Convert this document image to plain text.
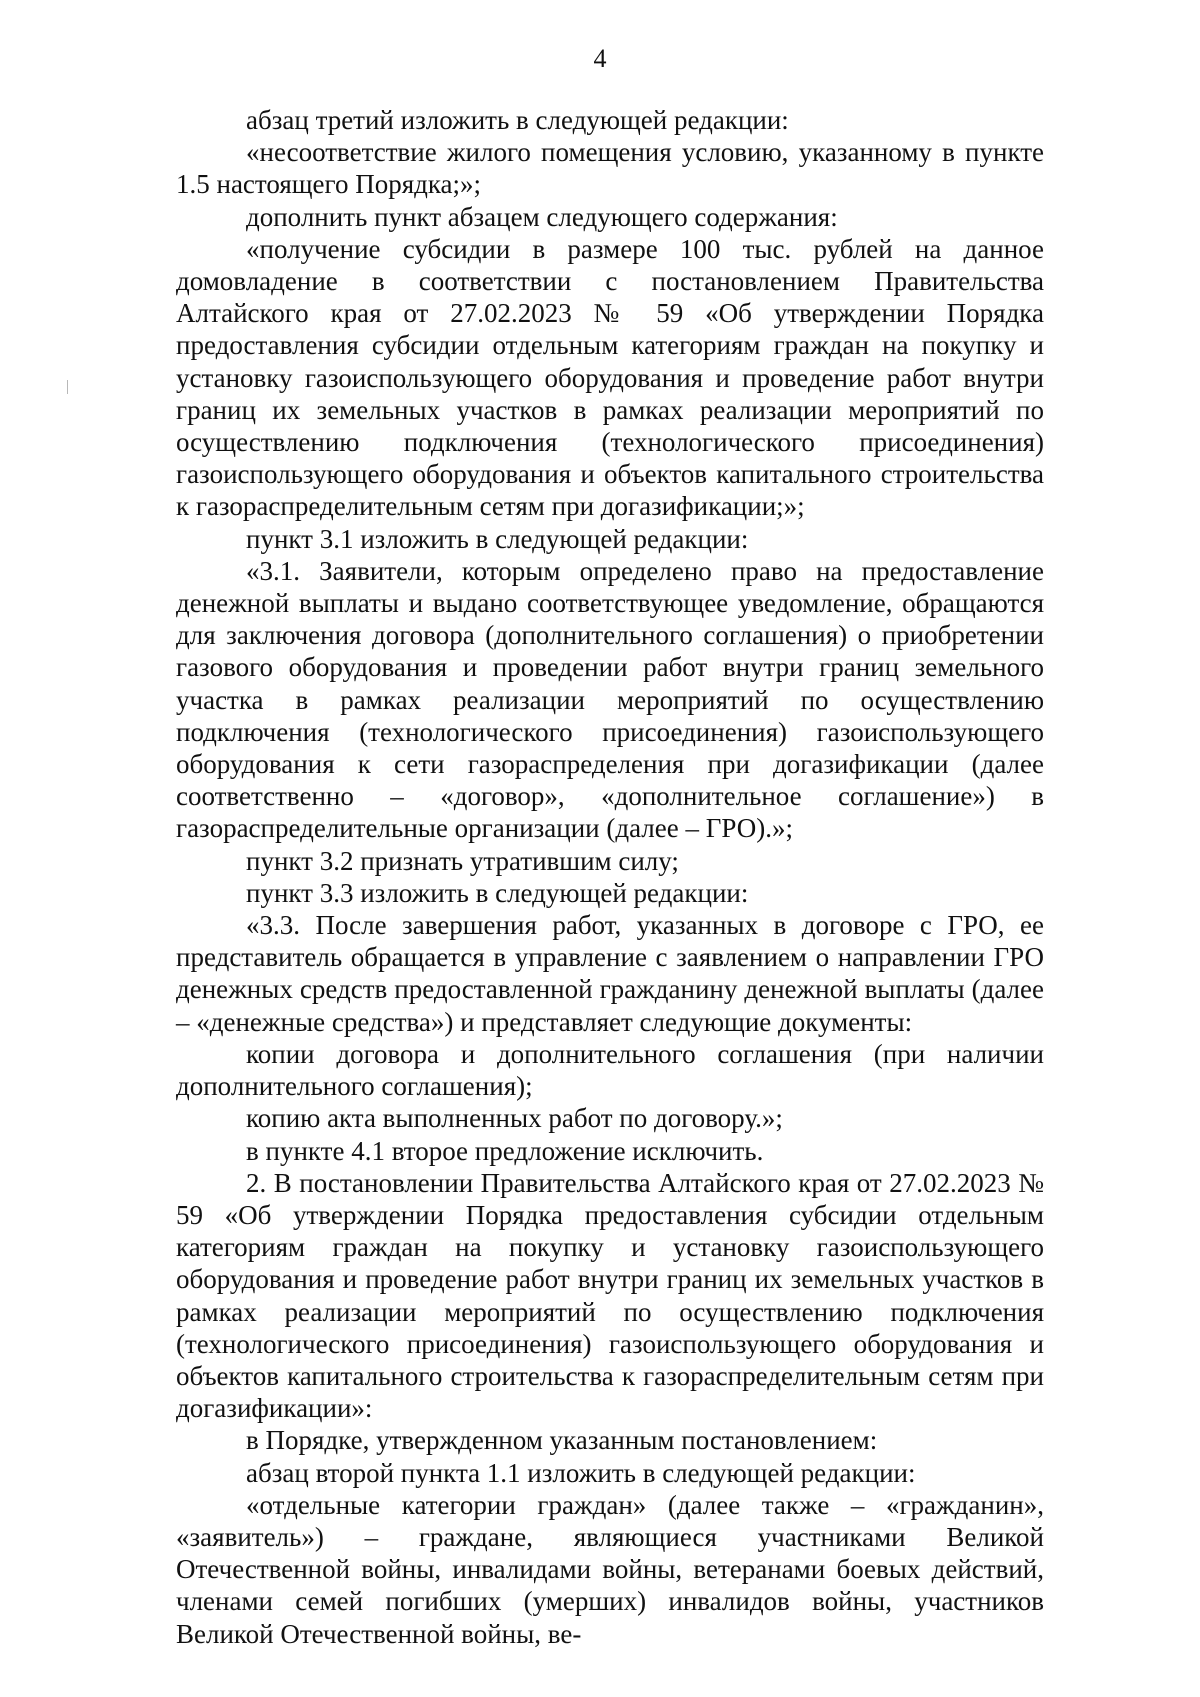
4

абзац третий изложить в следующей редакции:

«несоответствие жилого помещения условию, указанному в пункте 1.5 настоящего Порядка;»;

дополнить пункт абзацем следующего содержания:

«получение субсидии в размере 100 тыс. рублей на данное домовладение в соответствии с постановлением Правительства Алтайского края от 27.02.2023 № 59 «Об утверждении Порядка предоставления субсидии отдельным категориям граждан на покупку и установку газоиспользующего оборудования и проведение работ внутри границ их земельных участков в рамках реализации мероприятий по осуществлению подключения (технологического присоединения) газоиспользующего оборудования и объектов капитального строительства к газораспределительным сетям при догазификации;»;

пункт 3.1 изложить в следующей редакции:

«3.1. Заявители, которым определено право на предоставление денежной выплаты и выдано соответствующее уведомление, обращаются для заключения договора (дополнительного соглашения) о приобретении газового оборудования и проведении работ внутри границ земельного участка в рамках реализации мероприятий по осуществлению подключения (технологического присоединения) газоиспользующего оборудования к сети газораспределения при догазификации (далее соответственно – «договор», «дополнительное соглашение») в газораспределительные организации (далее – ГРО).»;

пункт 3.2 признать утратившим силу;

пункт 3.3 изложить в следующей редакции:

«3.3. После завершения работ, указанных в договоре с ГРО, ее представитель обращается в управление с заявлением о направлении ГРО денежных средств предоставленной гражданину денежной выплаты (далее – «денежные средства») и представляет следующие документы:

копии договора и дополнительного соглашения (при наличии дополнительного соглашения);

копию акта выполненных работ по договору.»;

в пункте 4.1 второе предложение исключить.

2. В постановлении Правительства Алтайского края от 27.02.2023 № 59 «Об утверждении Порядка предоставления субсидии отдельным категориям граждан на покупку и установку газоиспользующего оборудования и проведение работ внутри границ их земельных участков в рамках реализации мероприятий по осуществлению подключения (технологического присоединения) газоиспользующего оборудования и объектов капитального строительства к газораспределительным сетям при догазификации»:

в Порядке, утвержденном указанным постановлением:

абзац второй пункта 1.1 изложить в следующей редакции:

«отдельные категории граждан» (далее также – «гражданин», «заявитель») – граждане, являющиеся участниками Великой Отечественной войны, инвалидами войны, ветеранами боевых действий, членами семей погибших (умерших) инвалидов войны, участников Великой Отечественной войны, ве-
